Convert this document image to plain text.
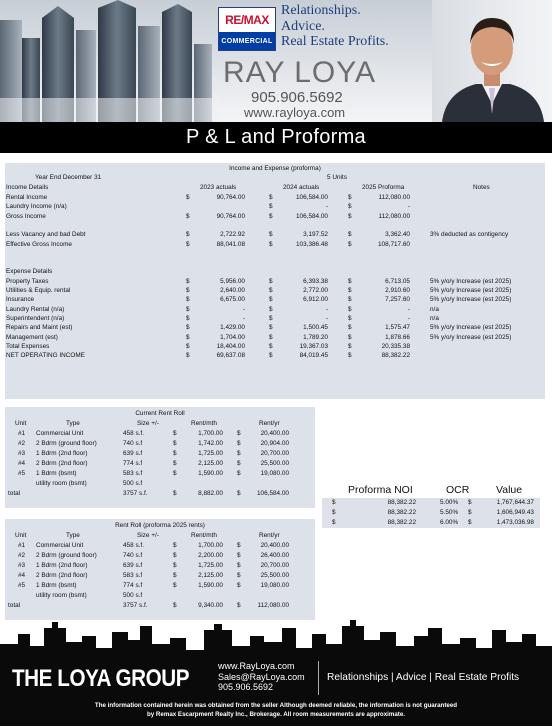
RE/MAX
COMMERCIAL
Relationships.
Advice.
Real Estate Profits.
RAY LOYA
905.906.5692
www.rayloya.com
P & L and Proforma
Income and Expense (proforma)
Year End December 31	5 Units
Income Details	2023 actuals	2024 actuals	2025 Proforma	Notes
Rental Income	$	90,764.00	$	106,584.00	$	112,080.00
Laundry Income (n/a)	$	-	$	-
Gross Income	$	90,764.00	$	106,584.00	$	112,080.00
Less Vacancy and bad Debt	$	2,722.92	$	3,197.52	$	3,362.40	3% deducted as contigency
Effective Gross Income	$	88,041.08	$	103,386.48	$	108,717.60
Expense Details
Property Taxes	$	5,956.00	$	6,393.38	$	6,713.05	5% y/o/y Increase (est 2025)
Utilities & Equip. rental	$	2,640.00	$	2,772.00	$	2,910.60	5% y/o/y Increase (est 2025)
Insurance	$	6,675.00	$	6,912.00	$	7,257.60	5% y/o/y Increase (est 2025)
Laundry Rental (n/a)	$	-	$	-	$	-	n/a
Superintendent (n/a)	$	-	$	-	$	-	n/a
Repairs and Maint (est)	$	1,429.00	$	1,500.45	$	1,575.47	5% y/o/y Increase (est 2025)
Management (est)	$	1,704.00	$	1,789.20	$	1,878.66	5% y/o/y Increase (est 2025)
Total Expenses	$	18,404.00	$	19,367.03	$	20,335.38
NET OPERATING INCOME	$	69,637.08	$	84,019.45	$	88,382.22
Current Rent Roll
Unit	Type	Size +/-	Rent/mth	Rent/yr
#1 Commercial Unit	458 s.f.	$	1,700.00 $	20,400.00
#2 2 Bdrm (ground floor)	740 s.f	$	1,742.00 $	20,904.00
#3 1 Bdrm (2nd floor)	639 s.f	$	1,725.00 $	20,700.00
#4 2 Bdrm (2nd floor)	774 s.f	$	2,125.00 $	25,500.00
#5 1 Bdrm (bsmt)	583 s.f	$	1,590.00 $	19,080.00
utility room (bsmt)	500 s.f
total	3757 s.f.	$	8,882.00 $	106,584.00
Rent Roll (proforma 2025 rents)
Unit	Type	Size +/-	Rent/mth	Rent/yr
#1 Commercial Unit	458 s.f.	$	1,700.00 $	20,400.00
#2 2 Bdrm (ground floor)	740 s.f	$	2,200.00 $	26,400.00
#3 1 Bdrm (2nd floor)	639 s.f	$	1,725.00 $	20,700.00
#4 2 Bdrm (2nd floor)	583 s.f	$	2,125.00 $	25,500.00
#5 1 Bdrm (bsmt)	774 s.f	$	1,590.00 $	19,080.00
utility room (bsmt)	500 s.f
total	3757 s.f.	$	9,340.00 $	112,080.00
Proforma NOI	OCR	Value
$	88,382.22	5.00% $	1,767,644.37
$	88,382.22	5.50% $	1,606,949.43
$	88,382.22	6.00% $	1,473,036.98
THE LOYA GROUP	www.RayLoya.com
Sales@RayLoya.com
905.906.5692
Relationships | Advice | Real Estate Profits
The information contained herein was obtained from the seller Although deemed reliable, the information is not guaranteed
by Remax Escarpment Realty Inc., Brokerage. All room measurements are approximate.
